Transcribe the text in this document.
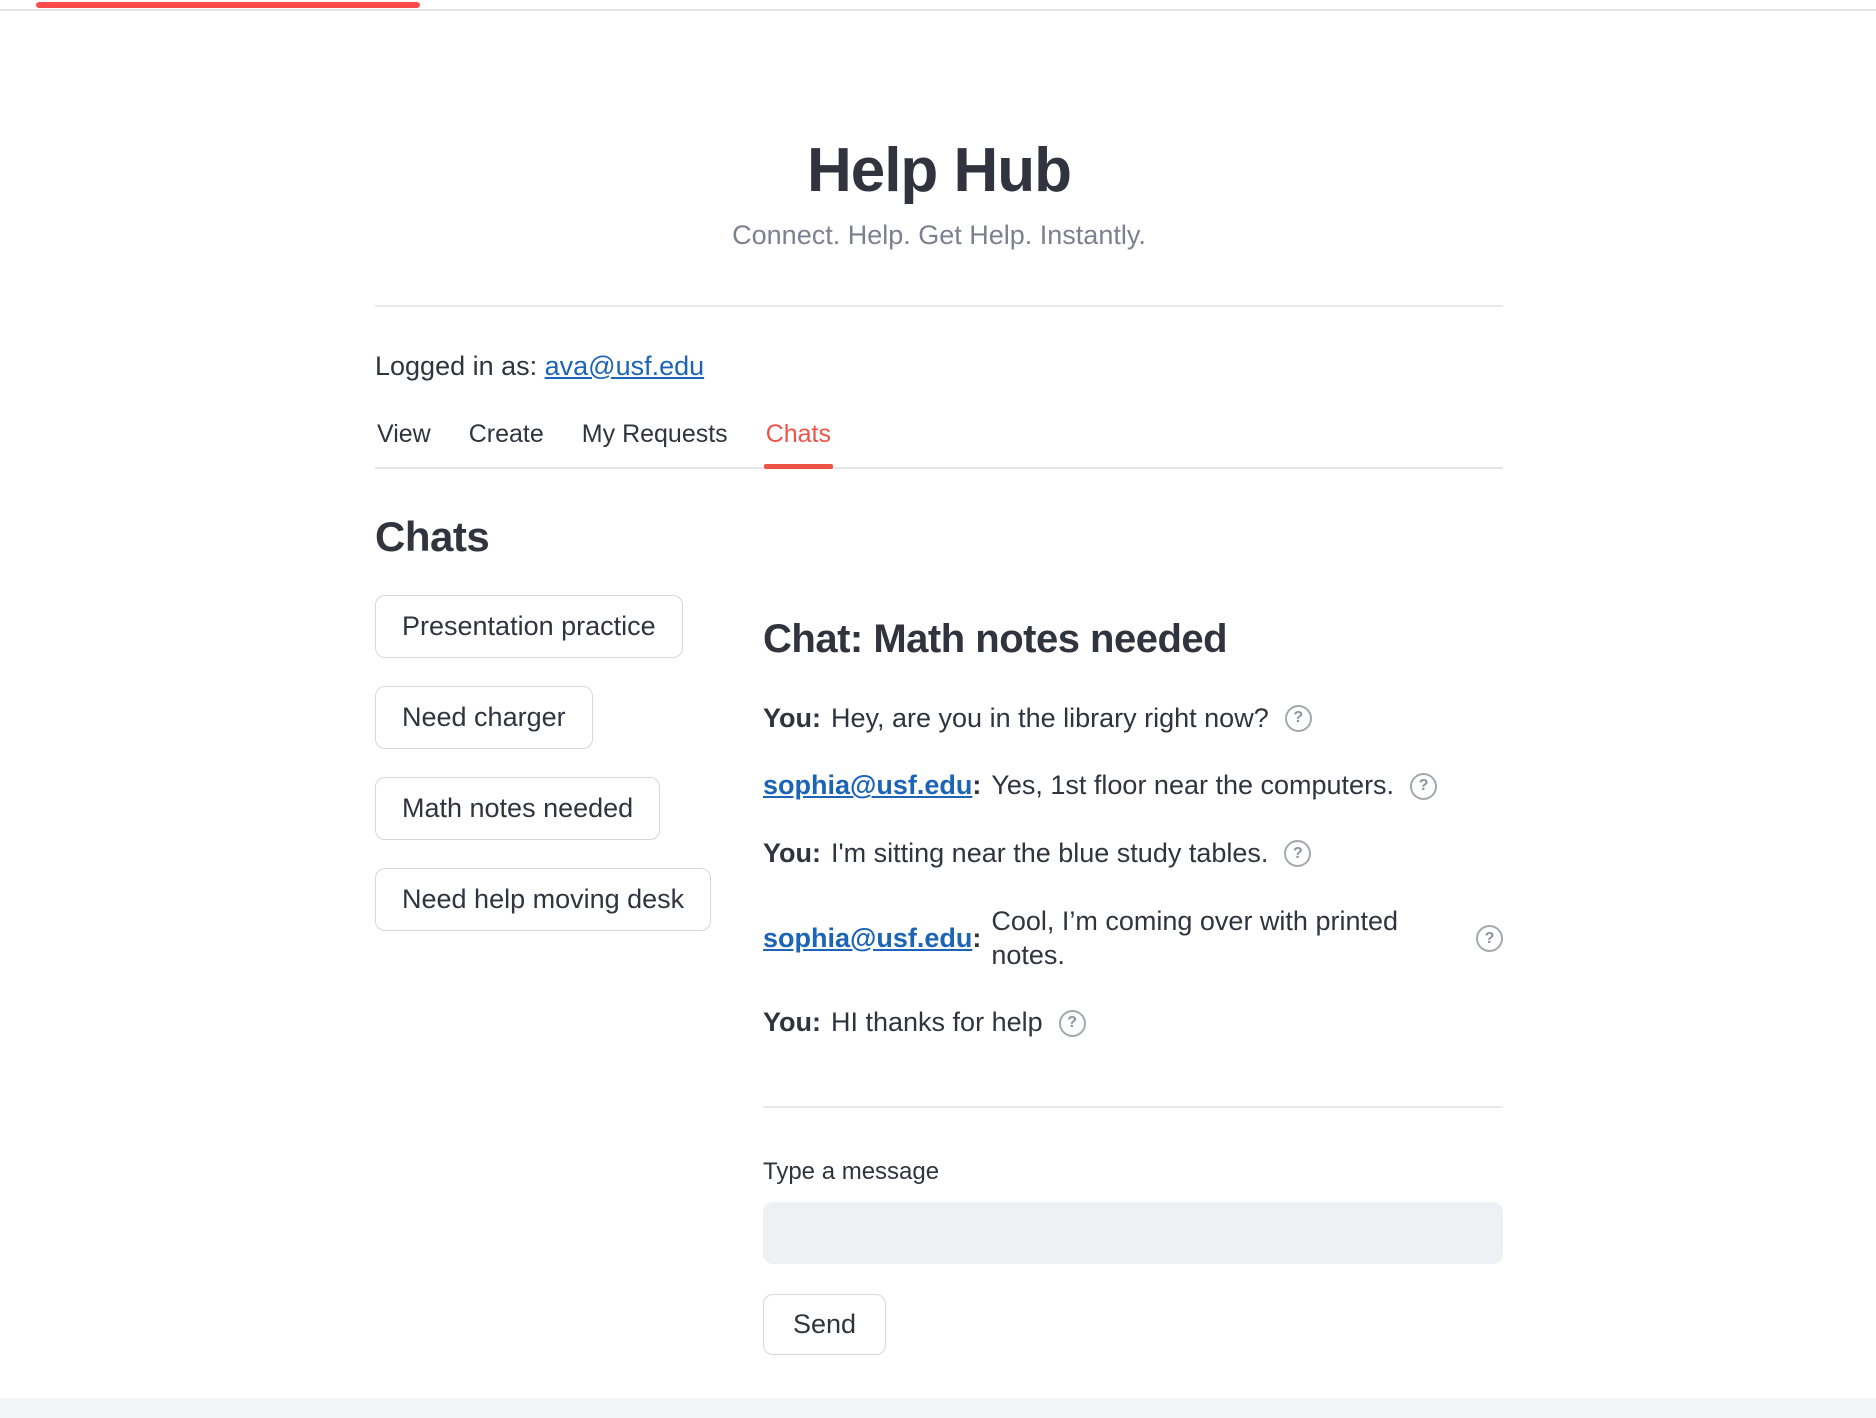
Help Hub
Connect. Help. Get Help. Instantly.
Logged in as: ava@usf.edu
View Create My Requests Chats
Chats
Presentation practice
Need charger
Math notes needed
Need help moving desk
Chat: Math notes needed
You : Hey, are you in the library right now?	?
sophia@usf.edu : Yes, 1st floor near the computers.	?
You : I'm sitting near the blue study tables.	?
sophia@usf.edu :
Cool, I’m coming over with printed notes.
?
You : HI thanks for help	?
Type a message
Send
